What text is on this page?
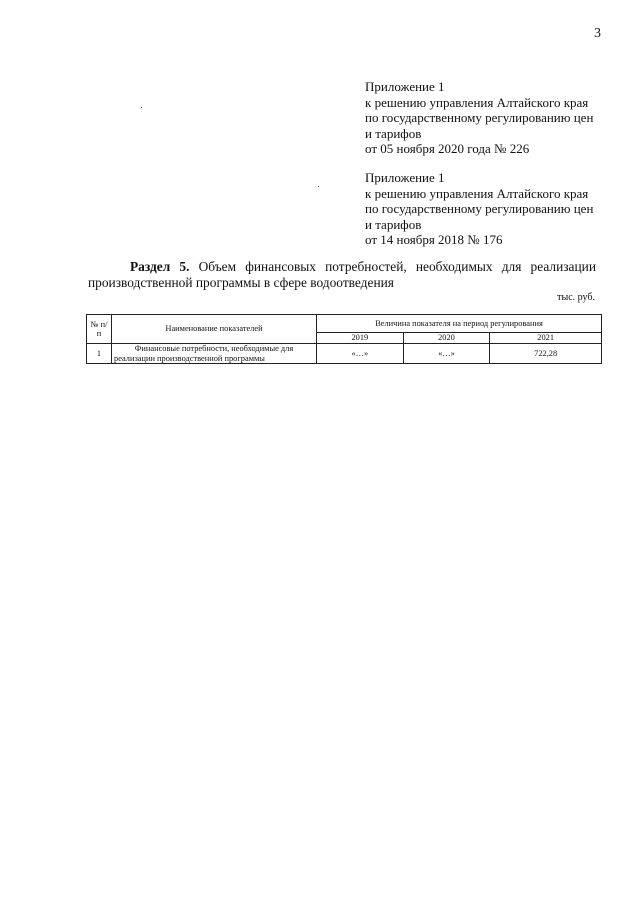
3
Приложение 1
к решению управления Алтайского края
по государственному регулированию цен
и тарифов
от 05 ноября 2020 года № 226
Приложение 1
к решению управления Алтайского края
по государственному регулированию цен
и тарифов
от 14 ноября 2018 № 176
Раздел 5. Объем финансовых потребностей, необходимых для реализации
производственной программы в сфере водоотведения
тыс. руб.
№ п/п	Наименование показателей	Величина показателя на период регулирования		
		2019	2020	2021
1	Финансовые потребности, необходимые для реализации производственной программы	«…»	«…»	722,28
